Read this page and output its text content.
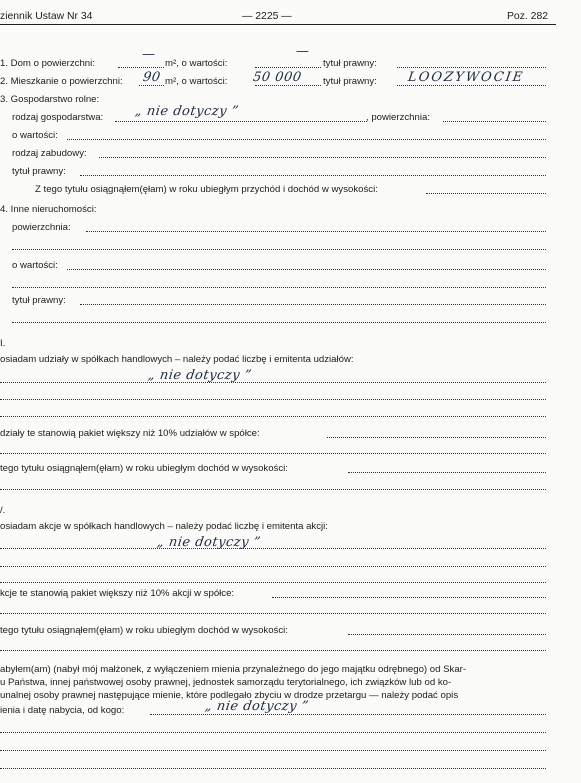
ziennik Ustaw Nr 34	— 2225 —	Poz. 282
1. Dom o powierzchni:
—
m², o wartości:
—
tytuł prawny:
2. Mieszkanie o powierzchni: 90 m², o wartości: 50 000 tytuł prawny: LOOZYWOCIE
3. Gospodarstwo rolne:
rodzaj gospodarstwa: „ nie dotyczy ”	, powierzchnia:
o wartości:
rodzaj zabudowy:
tytuł prawny:
Z tego tytułu osiągnąłem(ęłam) w roku ubiegłym przychód i dochód w wysokości:
4. Inne nieruchomości:
powierzchnia:
o wartości:
tytuł prawny:
I.
osiadam udziały w spółkach handlowych – należy podać liczbę i emitenta udziałów:
„ nie dotyczy ”
działy te stanowią pakiet większy niż 10% udziałów w spółce:
tego tytułu osiągnąłem(ęłam) w roku ubiegłym dochód w wysokości:
/.
osiadam akcje w spółkach handlowych – należy podać liczbę i emitenta akcji:
„ nie dotyczy ”
kcje te stanowią pakiet większy niż 10% akcji w spółce:
tego tytułu osiągnąłem(ęłam) w roku ubiegłym dochód w wysokości:
abyłem(am) (nabył mój małżonek, z wyłączeniem mienia przynależnego do jego majątku odrębnego) od Skar-
u Państwa, innej państwowej osoby prawnej, jednostek samorządu terytorialnego, ich związków lub od ko-
unalnej osoby prawnej następujące mienie, które podlegało zbyciu w drodze przetargu — należy podać opis
ienia i datę nabycia, od kogo:	„ nie dotyczy ”
